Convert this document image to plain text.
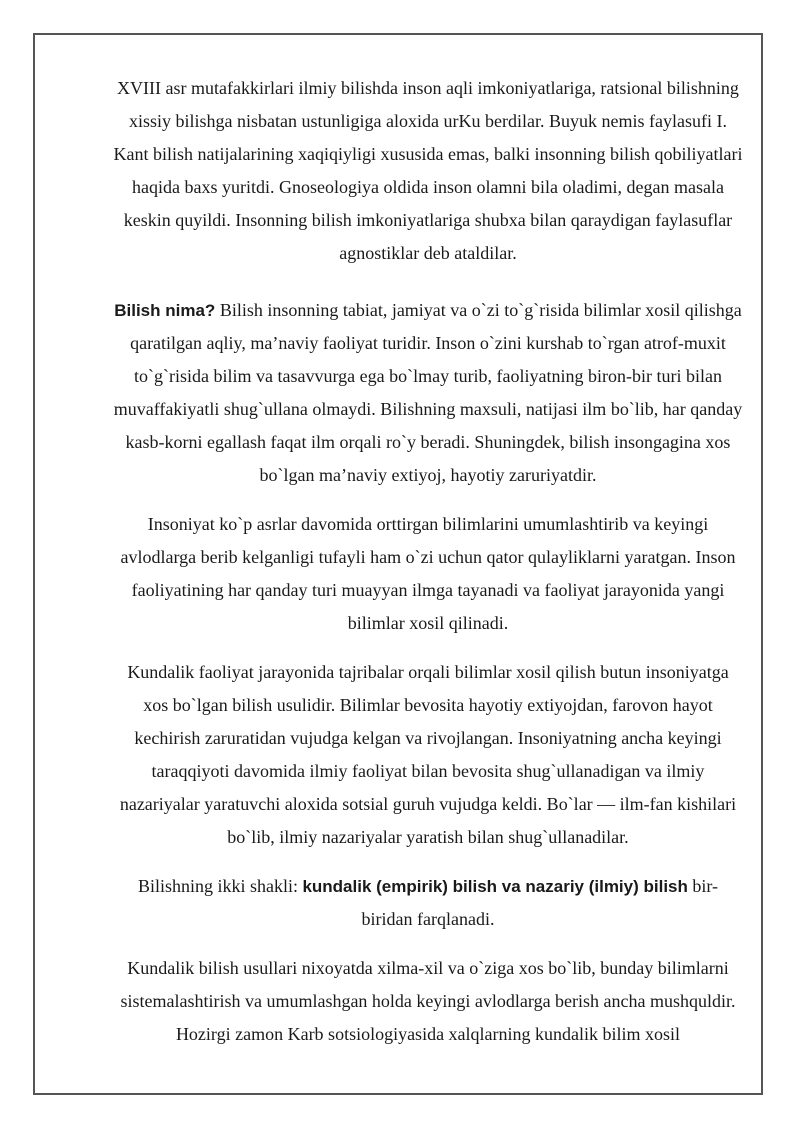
XVIII asr mutafakkirlari ilmiy bilishda inson aqli imkoniyatlariga, ratsional bilishning xissiy bilishga nisbatan ustunligiga aloxida urKu berdilar. Buyuk nemis faylasufi I. Kant bilish natijalarining xaqiqiyligi xususida emas, balki insonning bilish qobiliyatlari haqida baxs yuritdi. Gnoseologiya oldida inson olamni bila oladimi, degan masala keskin quyildi. Insonning bilish imkoniyatlariga shubxa bilan qaraydigan faylasuflar agnostiklar deb ataldilar.

Bilish nima? Bilish insonning tabiat, jamiyat va o`zi to`g`risida bilimlar xosil qilishga qaratilgan aqliy, ma’naviy faoliyat turidir. Inson o`zini kurshab to`rgan atrof-muxit to`g`risida bilim va tasavvurga ega bo`lmay turib, faoliyatning biron-bir turi bilan muvaffakiyatli shug`ullana olmaydi. Bilishning maxsuli, natijasi ilm bo`lib, har qanday kasb-korni egallash faqat ilm orqali ro`y beradi. Shuningdek, bilish insongagina xos bo`lgan ma’naviy extiyoj, hayotiy zaruriyatdir.

Insoniyat ko`p asrlar davomida orttirgan bilimlarini umumlashtirib va keyingi avlodlarga berib kelganligi tufayli ham o`zi uchun qator qulayliklarni yaratgan. Inson faoliyatining har qanday turi muayyan ilmga tayanadi va faoliyat jarayonida yangi bilimlar xosil qilinadi.

Kundalik faoliyat jarayonida tajribalar orqali bilimlar xosil qilish butun insoniyatga xos bo`lgan bilish usulidir. Bilimlar bevosita hayotiy extiyojdan, farovon hayot kechirish zaruratidan vujudga kelgan va rivojlangan. Insoniyatning ancha keyingi taraqqiyoti davomida ilmiy faoliyat bilan bevosita shug`ullanadigan va ilmiy nazariyalar yaratuvchi aloxida sotsial guruh vujudga keldi. Bo`lar — ilm-fan kishilari bo`lib, ilmiy nazariyalar yaratish bilan shug`ullanadilar.

Bilishning ikki shakli: kundalik (empirik) bilish va nazariy (ilmiy) bilish bir-biridan farqlanadi.

Kundalik bilish usullari nixoyatda xilma-xil va o`ziga xos bo`lib, bunday bilimlarni sistemalashtirish va umumlashgan holda keyingi avlodlarga berish ancha mushquldir. Hozirgi zamon Karb sotsiologiyasida xalqlarning kundalik bilim xosil
